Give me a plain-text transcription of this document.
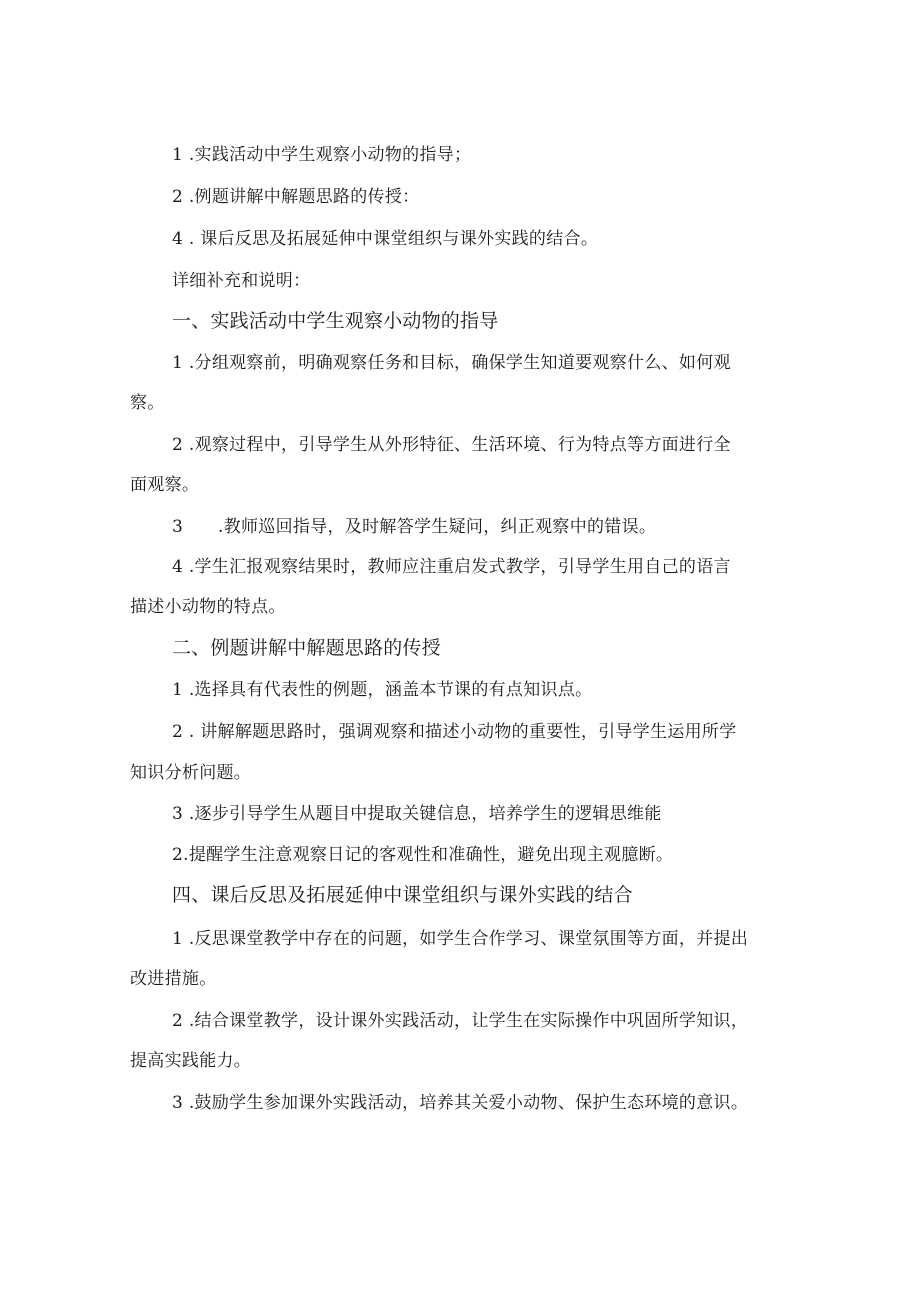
1 .实践活动中学生观察小动物的指导；
2 .例题讲解中解题思路的传授：
4 . 课后反思及拓展延伸中课堂组织与课外实践的结合。
详细补充和说明：
一、实践活动中学生观察小动物的指导
1 .分组观察前，明确观察任务和目标，确保学生知道要观察什么、如何观
察。
2 .观察过程中，引导学生从外形特征、生活环境、行为特点等方面进行全
面观察。
3 .教师巡回指导，及时解答学生疑问，纠正观察中的错误。
4 .学生汇报观察结果时，教师应注重启发式教学，引导学生用自己的语言
描述小动物的特点。
二、例题讲解中解题思路的传授
1 .选择具有代表性的例题，涵盖本节课的有点知识点。
2 . 讲解解题思路时，强调观察和描述小动物的重要性，引导学生运用所学
知识分析问题。
3 .逐步引导学生从题目中提取关键信息，培养学生的逻辑思维能
2.提醒学生注意观察日记的客观性和准确性，避免出现主观臆断。
四、课后反思及拓展延伸中课堂组织与课外实践的结合
1 .反思课堂教学中存在的问题，如学生合作学习、课堂氛围等方面，并提出
改进措施。
2 .结合课堂教学，设计课外实践活动，让学生在实际操作中巩固所学知识，
提高实践能力。
3 .鼓励学生参加课外实践活动，培养其关爱小动物、保护生态环境的意识。
